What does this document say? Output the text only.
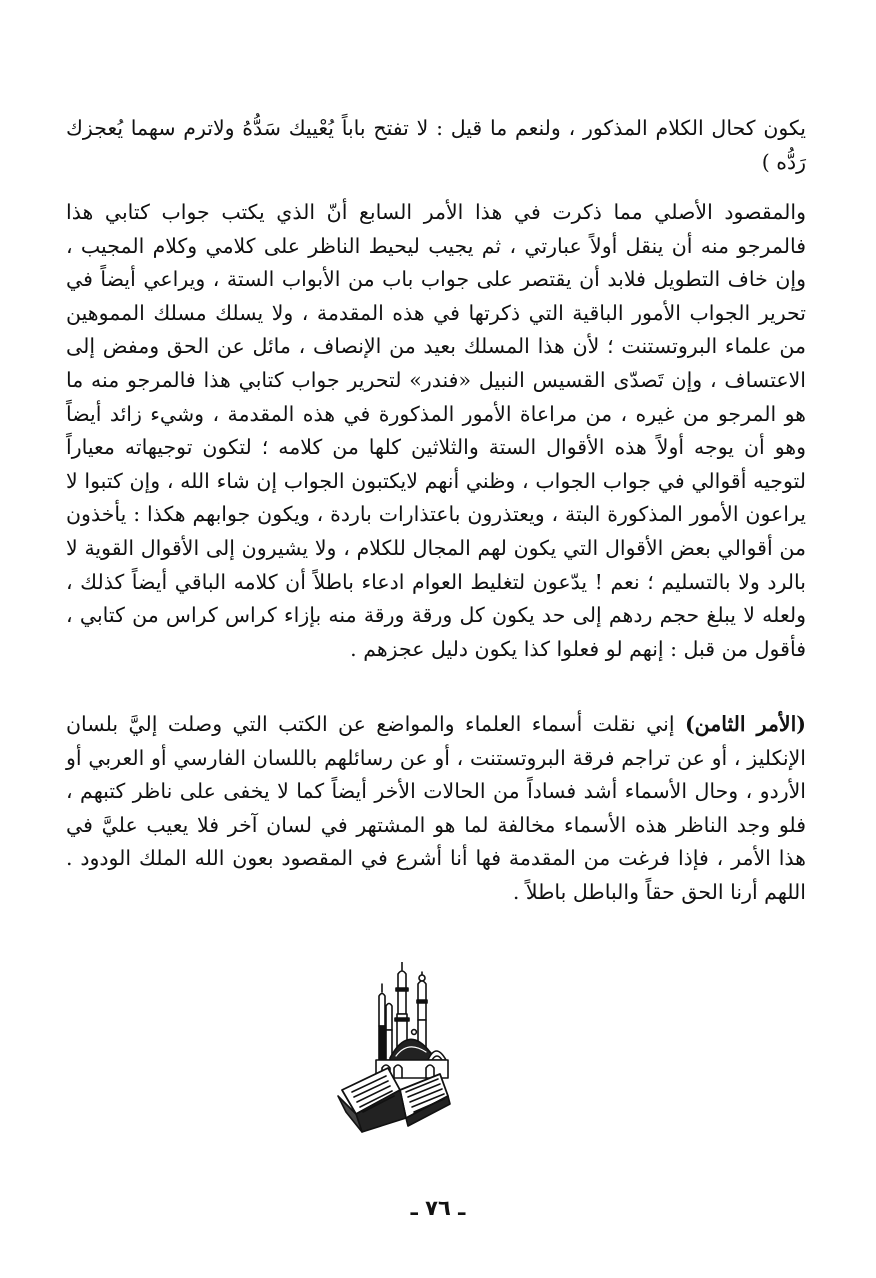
يكون كحال الكلام المذكور ، ولنعم ما قيل : لا تفتح باباً يُعْييك سَدُّهُ ولاترم سهما يُعجزك رَدُّه )

والمقصود الأصلي مما ذكرت في هذا الأمر السابع أنّ الذي يكتب جواب كتابي هذا فالمرجو منه أن ينقل أولاً عبارتي ، ثم يجيب ليحيط الناظر على كلامي وكلام المجيب ، وإن خاف التطويل فلابد أن يقتصر على جواب باب من الأبواب الستة ، ويراعي أيضاً في تحرير الجواب الأمور الباقية التي ذكرتها في هذه المقدمة ، ولا يسلك مسلك المموهين من علماء البروتستنت ؛ لأن هذا المسلك بعيد من الإنصاف ، مائل عن الحق ومفض إلى الاعتساف ، وإن تَصدّى القسيس النبيل «فندر» لتحرير جواب كتابي هذا فالمرجو منه ما هو المرجو من غيره ، من مراعاة الأمور المذكورة في هذه المقدمة ، وشيء زائد أيضاً وهو أن يوجه أولاً هذه الأقوال الستة والثلاثين كلها من كلامه ؛ لتكون توجيهاته معياراً لتوجيه أقوالي في جواب الجواب ، وظني أنهم لايكتبون الجواب إن شاء الله ، وإن كتبوا لا يراعون الأمور المذكورة البتة ، ويعتذرون باعتذارات باردة ، ويكون جوابهم هكذا : يأخذون من أقوالي بعض الأقوال التي يكون لهم المجال للكلام ، ولا يشيرون إلى الأقوال القوية لا بالرد ولا بالتسليم ؛ نعم ! يدّعون لتغليط العوام ادعاء باطلاً أن كلامه الباقي أيضاً كذلك ، ولعله لا يبلغ حجم ردهم إلى حد يكون كل ورقة ورقة منه بإزاء كراس كراس من كتابي ، فأقول من قبل : إنهم لو فعلوا كذا يكون دليل عجزهم .

(الأمر الثامن) إني نقلت أسماء العلماء والمواضع عن الكتب التي وصلت إليَّ بلسان الإنكليز ، أو عن تراجم فرقة البروتستنت ، أو عن رسائلهم باللسان الفارسي أو العربي أو الأردو ، وحال الأسماء أشد فساداً من الحالات الأخر أيضاً كما لا يخفى على ناظر كتبهم ، فلو وجد الناظر هذه الأسماء مخالفة لما هو المشتهر في لسان آخر فلا يعيب عليَّ في هذا الأمر ، فإذا فرغت من المقدمة فها أنا أشرع في المقصود بعون الله الملك الودود . اللهم أرنا الحق حقاً والباطل باطلاً .

ـ ٧٦ ـ
